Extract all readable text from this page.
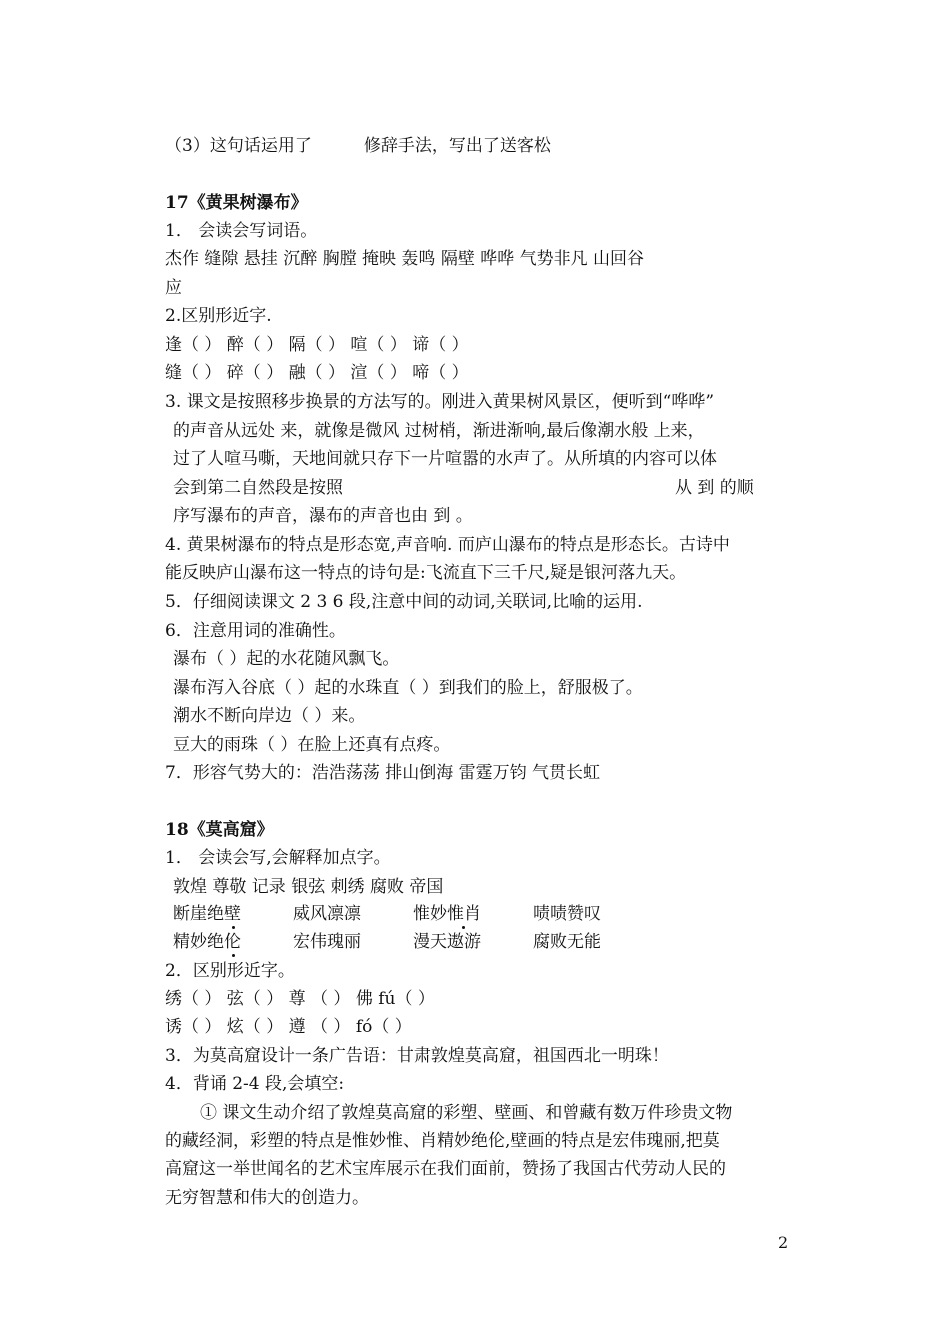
（3）这句话运用了	修辞手法，写出了送客松
17《黄果树瀑布》
1． 会读会写词语。
杰作 缝隙 悬挂 沉醉 胸膛 掩映 轰鸣 隔壁 哗哗 气势非凡 山回谷
应
2.区别形近字.
逢（ ） 醉（ ） 隔（ ） 喧（ ） 谛（ ）
缝（ ） 碎（ ） 融（ ） 渲（ ） 啼（ ）
3. 课文是按照移步换景的方法写的。刚进入黄果树风景区，便听到“哗哗”
的声音从远处 来，就像是微风 过树梢，渐进渐响,最后像潮水般 上来，
过了人喧马嘶，天地间就只存下一片喧嚣的水声了。从所填的内容可以体
会到第二自然段是按照	从 到 的顺
序写瀑布的声音，瀑布的声音也由 到 。
4. 黄果树瀑布的特点是形态宽,声音响. 而庐山瀑布的特点是形态长。古诗中
能反映庐山瀑布这一特点的诗句是:飞流直下三千尺,疑是银河落九天。
5．仔细阅读课文 2 3 6 段,注意中间的动词,关联词,比喻的运用.
6．注意用词的准确性。
瀑布（ ）起的水花随风飘飞。
瀑布泻入谷底（ ）起的水珠直（ ）到我们的脸上，舒服极了。
潮水不断向岸边（ ）来。
豆大的雨珠（ ）在脸上还真有点疼。
7．形容气势大的：浩浩荡荡 排山倒海 雷霆万钧 气贯长虹
18《莫高窟》
1． 会读会写,会解释加点字。
敦煌 尊敬 记录 银弦 刺绣 腐败 帝国
断崖绝壁	威风凛凛	惟妙惟肖	啧啧赞叹
精妙绝伦	宏伟瑰丽	漫天遨游	腐败无能
2．区别形近字。
绣（ ） 弦（ ） 尊 （ ） 佛 fú（ ）
诱（ ） 炫（ ） 遵 （ ） fó（ ）
3．为莫高窟设计一条广告语：甘肃敦煌莫高窟，祖国西北一明珠！
4．背诵 2-4 段,会填空:
① 课文生动介绍了敦煌莫高窟的彩塑、壁画、和曾藏有数万件珍贵文物
的藏经洞，彩塑的特点是惟妙惟、肖精妙绝伦,壁画的特点是宏伟瑰丽,把莫
高窟这一举世闻名的艺术宝库展示在我们面前，赞扬了我国古代劳动人民的
无穷智慧和伟大的创造力。
2
